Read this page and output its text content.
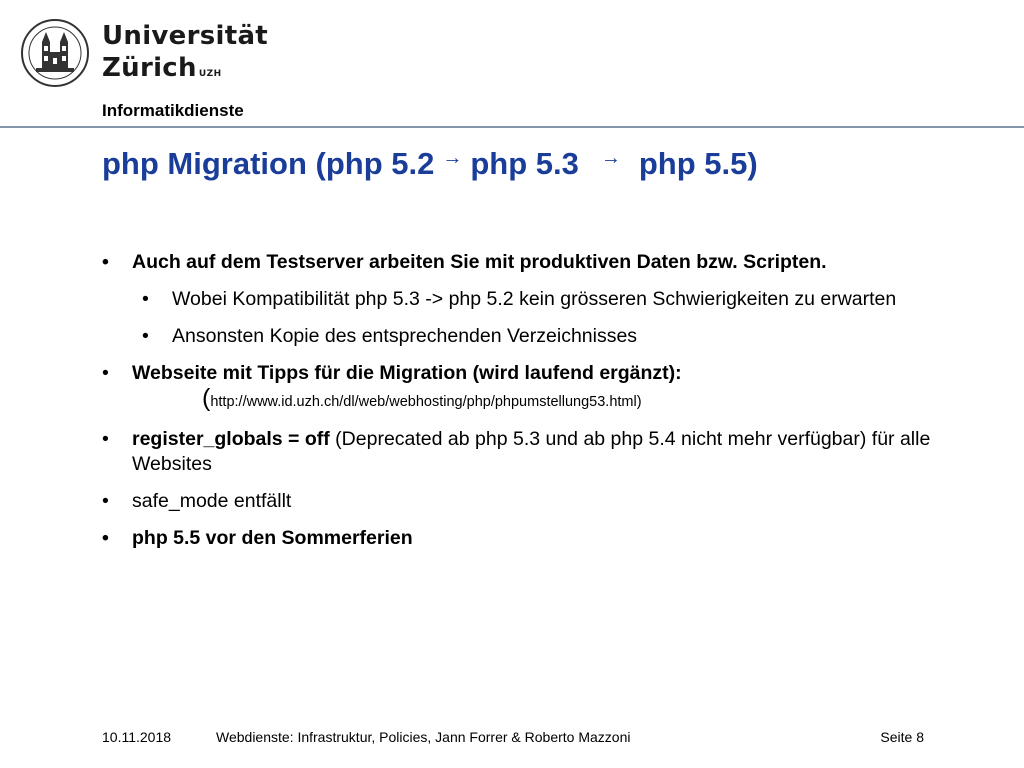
Universität
Zürich $^{UZH}$
Informatikdienste
php Migration (php 5.2 → php 5.3 → php 5.5)
• Auch auf dem Testserver arbeiten Sie mit produktiven Daten bzw. Scripten.
• Wobei Kompatibilität php 5.3 -> php 5.2 kein grösseren Schwierigkeiten zu erwarten
• Ansonsten Kopie des entsprechenden Verzeichnisses
• Webseite mit Tipps für die Migration (wird laufend ergänzt):
(http://www.id.uzh.ch/dl/web/webhosting/php/phpumstellung53.html)
• register_globals = off (Deprecated ab php 5.3 und ab php 5.4 nicht mehr verfügbar) für alle Websites
• safe_mode entfällt
• php 5.5 vor den Sommerferien
10.11.2018	Webdienste: Infrastruktur, Policies, Jann Forrer & Roberto Mazzoni	Seite 8
